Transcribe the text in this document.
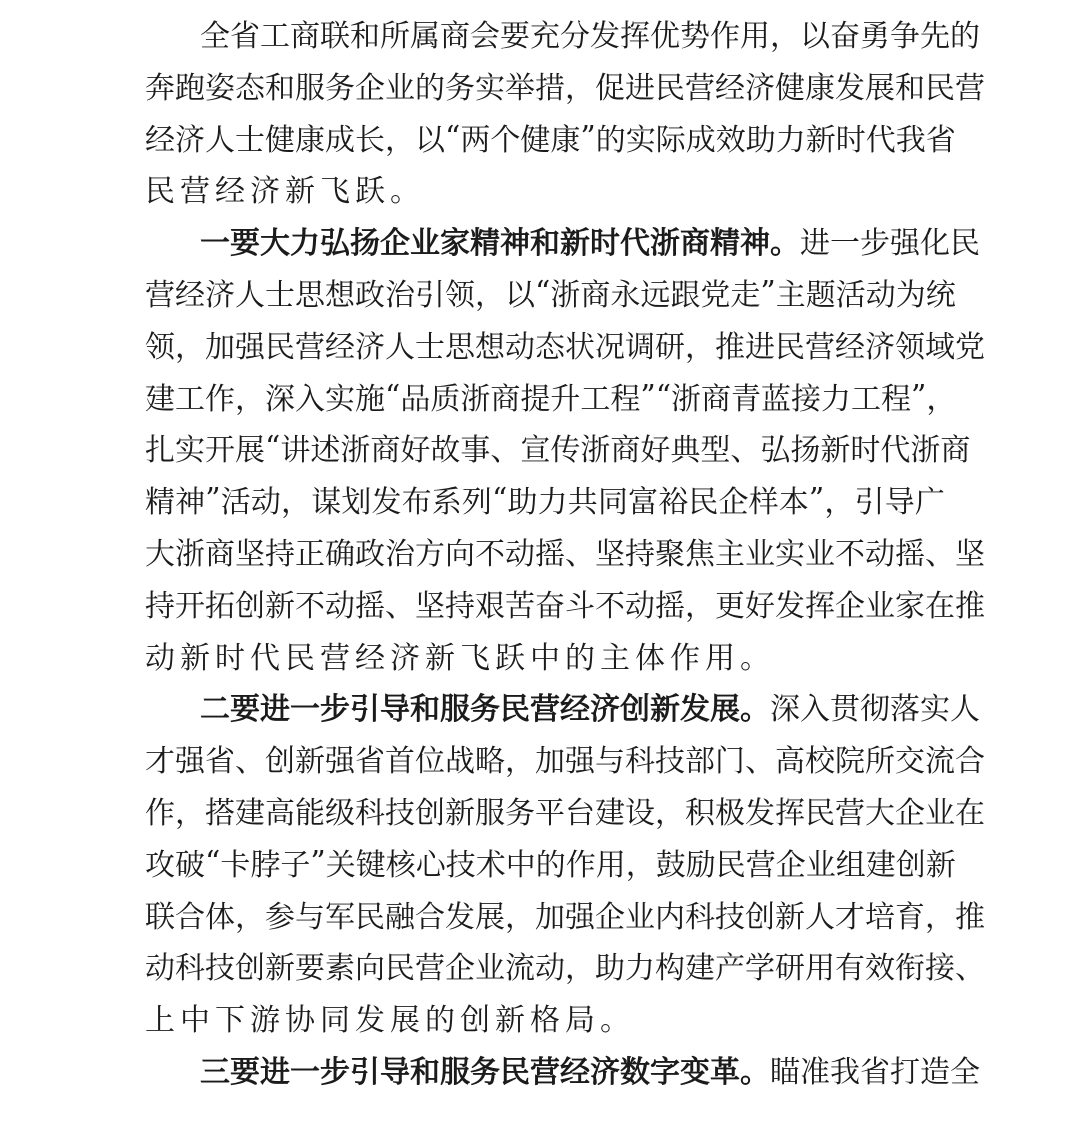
全 省 工 商 联 和 所 属 商 会 要 充 分 发 挥 优 势 作 用 ， 以 奋 勇 争 先 的
奔 跑 姿 态 和 服 务 企 业 的 务 实 举 措 ， 促 进 民 营 经 济 健 康 发 展 和 民 营
经 济 人 士 健 康 成 长 ， 以 “ 两 个 健 康 ” 的 实 际 成 效 助 力 新 时 代 我 省
民 营 经 济 新 飞 跃 。
一 要 大 力 弘 扬 企 业 家 精 神 和 新 时 代 浙 商 精 神 。 进 一 步 强 化 民
营 经 济 人 士 思 想 政 治 引 领 ， 以 “ 浙 商 永 远 跟 党 走 ” 主 题 活 动 为 统
领 ， 加 强 民 营 经 济 人 士 思 想 动 态 状 况 调 研 ， 推 进 民 营 经 济 领 域 党
建 工 作 ， 深 入 实 施 “ 品 质 浙 商 提 升 工 程 ” “ 浙 商 青 蓝 接 力 工 程 ” ，
扎 实 开 展 “ 讲 述 浙 商 好 故 事 、 宣 传 浙 商 好 典 型 、 弘 扬 新 时 代 浙 商
精 神 ” 活 动 ， 谋 划 发 布 系 列 “ 助 力 共 同 富 裕 民 企 样 本 ” ， 引 导 广
大 浙 商 坚 持 正 确 政 治 方 向 不 动 摇 、 坚 持 聚 焦 主 业 实 业 不 动 摇 、 坚
持 开 拓 创 新 不 动 摇 、 坚 持 艰 苦 奋 斗 不 动 摇 ， 更 好 发 挥 企 业 家 在 推
动 新 时 代 民 营 经 济 新 飞 跃 中 的 主 体 作 用 。
二 要 进 一 步 引 导 和 服 务 民 营 经 济 创 新 发 展 。 深 入 贯 彻 落 实 人
才 强 省 、 创 新 强 省 首 位 战 略 ， 加 强 与 科 技 部 门 、 高 校 院 所 交 流 合
作 ， 搭 建 高 能 级 科 技 创 新 服 务 平 台 建 设 ， 积 极 发 挥 民 营 大 企 业 在
攻 破 “ 卡 脖 子 ” 关 键 核 心 技 术 中 的 作 用 ， 鼓 励 民 营 企 业 组 建 创 新
联 合 体 ， 参 与 军 民 融 合 发 展 ， 加 强 企 业 内 科 技 创 新 人 才 培 育 ， 推
动 科 技 创 新 要 素 向 民 营 企 业 流 动 ， 助 力 构 建 产 学 研 用 有 效 衔 接 、
上 中 下 游 协 同 发 展 的 创 新 格 局 。
三 要 进 一 步 引 导 和 服 务 民 营 经 济 数 字 变 革 。 瞄 准 我 省 打 造 全
